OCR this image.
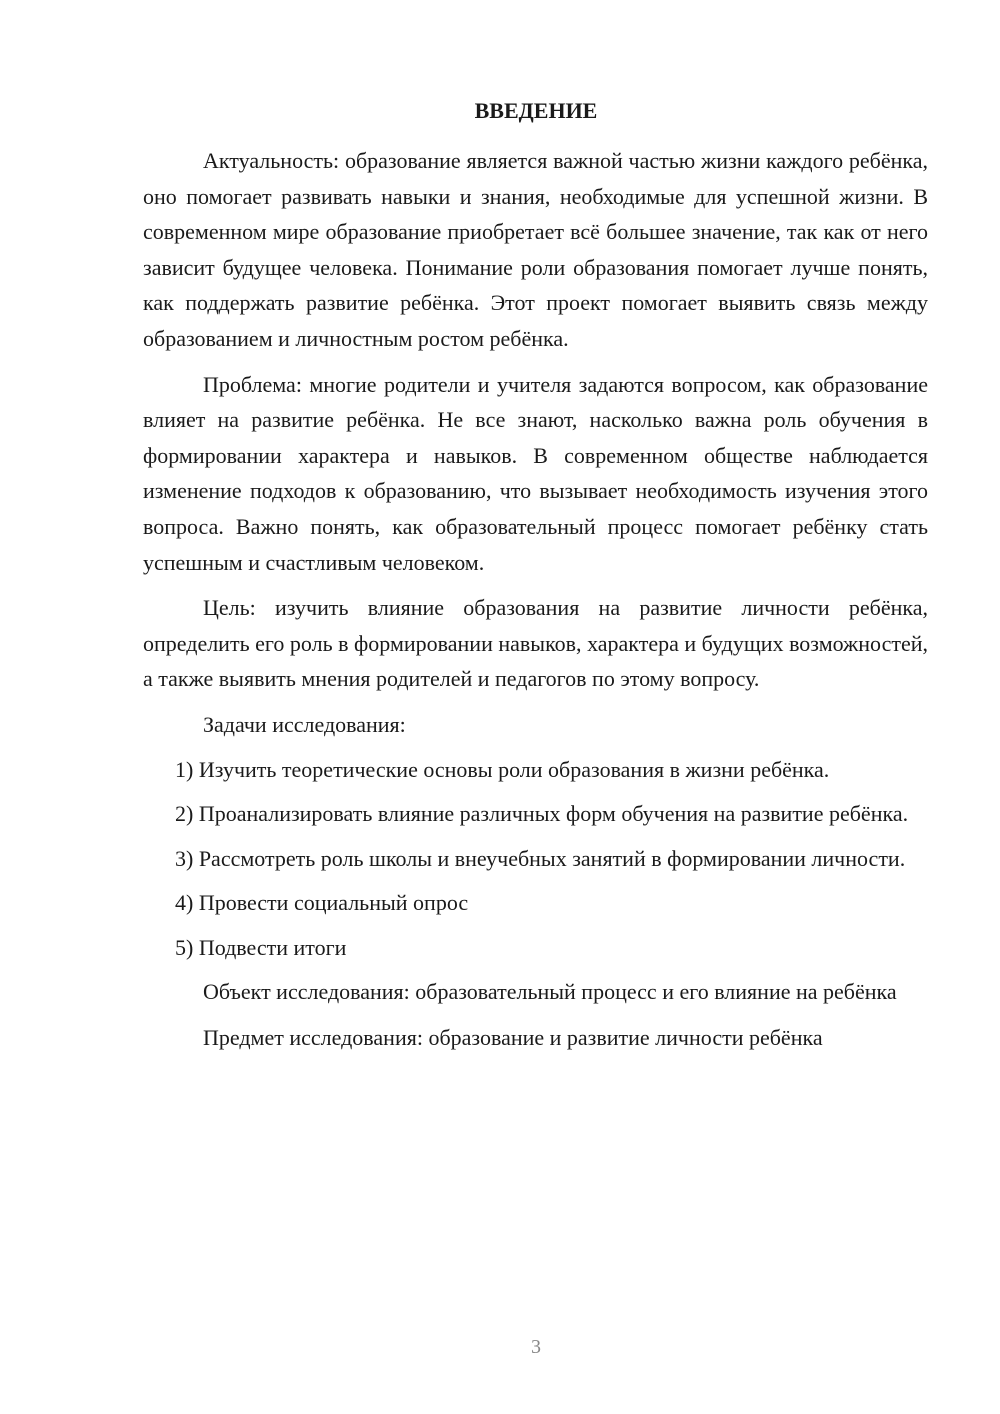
ВВЕДЕНИЕ

Актуальность: образование является важной частью жизни каждого ребёнка, оно помогает развивать навыки и знания, необходимые для успешной жизни. В современном мире образование приобретает всё большее значение, так как от него зависит будущее человека. Понимание роли образования помогает лучше понять, как поддержать развитие ребёнка. Этот проект помогает выявить связь между образованием и личностным ростом ребёнка.

Проблема: многие родители и учителя задаются вопросом, как образование влияет на развитие ребёнка. Не все знают, насколько важна роль обучения в формировании характера и навыков. В современном обществе наблюдается изменение подходов к образованию, что вызывает необходимость изучения этого вопроса. Важно понять, как образовательный процесс помогает ребёнку стать успешным и счастливым человеком.

Цель: изучить влияние образования на развитие личности ребёнка, определить его роль в формировании навыков, характера и будущих возможностей, а также выявить мнения родителей и педагогов по этому вопросу.

Задачи исследования:

1) Изучить теоретические основы роли образования в жизни ребёнка.

2) Проанализировать влияние различных форм обучения на развитие ребёнка.

3) Рассмотреть роль школы и внеучебных занятий в формировании личности.

4) Провести социальный опрос

5) Подвести итоги

Объект исследования: образовательный процесс и его влияние на ребёнка

Предмет исследования: образование и развитие личности ребёнка

3
